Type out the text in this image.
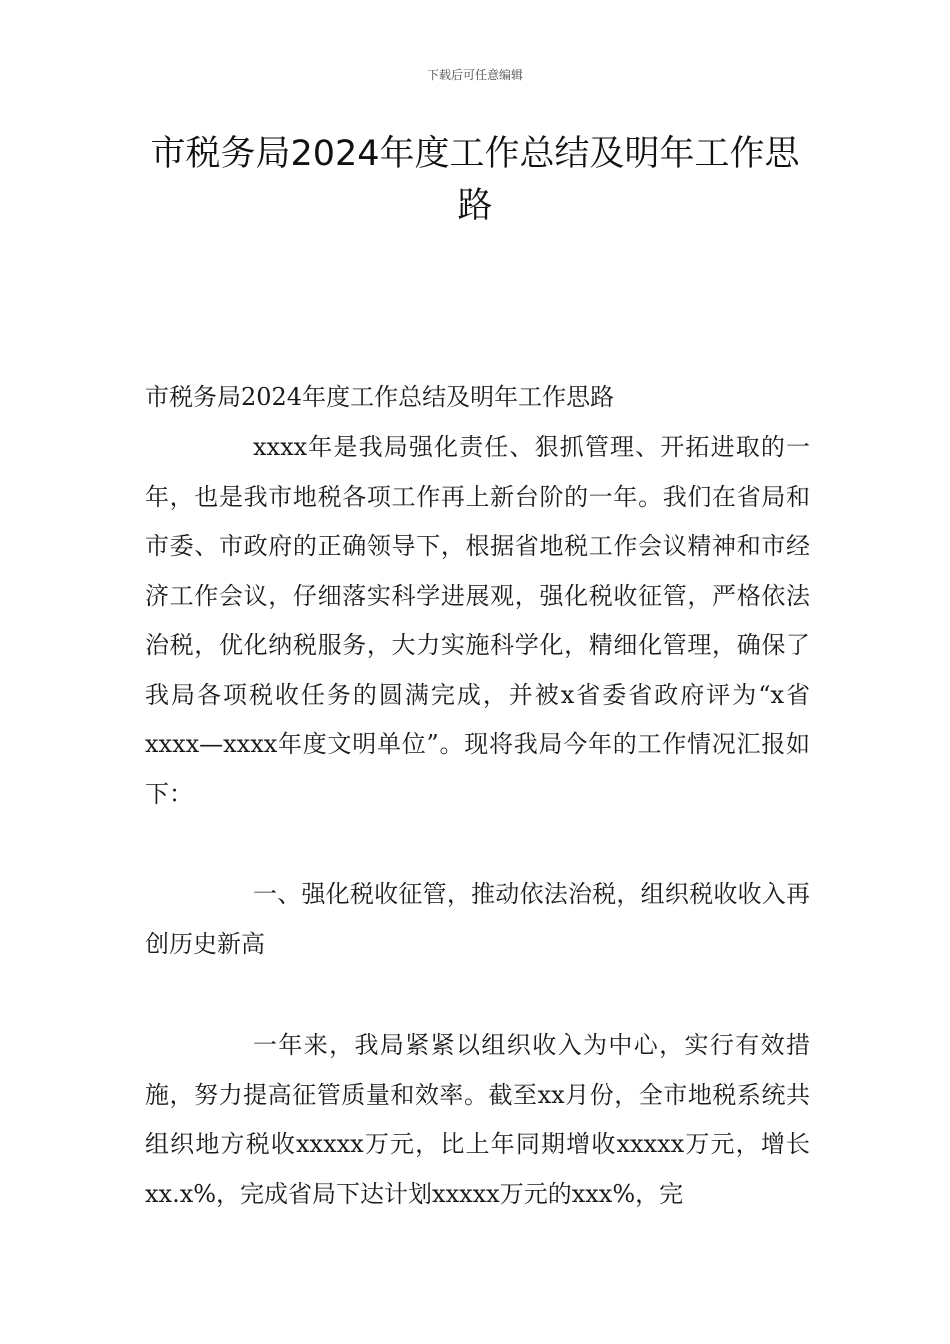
下载后可任意编辑
市税务局2024年度工作总结及明年工作思路

市税务局2024年度工作总结及明年工作思路

xxxx年是我局强化责任、狠抓管理、开拓进取的一年，也是我市地税各项工作再上新台阶的一年。我们在省局和市委、市政府的正确领导下，根据省地税工作会议精神和市经济工作会议，仔细落实科学进展观，强化税收征管，严格依法治税，优化纳税服务，大力实施科学化，精细化管理，确保了我局各项税收任务的圆满完成，并被x省委省政府评为“x省xxxx—xxxx年度文明单位”。现将我局今年的工作情况汇报如下：

一、强化税收征管，推动依法治税，组织税收收入再创历史新高

一年来，我局紧紧以组织收入为中心，实行有效措施，努力提高征管质量和效率。截至xx月份，全市地税系统共组织地方税收xxxxx万元，比上年同期增收xxxxx万元，增长xx.x%，完成省局下达计划xxxxx万元的xxx%，完
